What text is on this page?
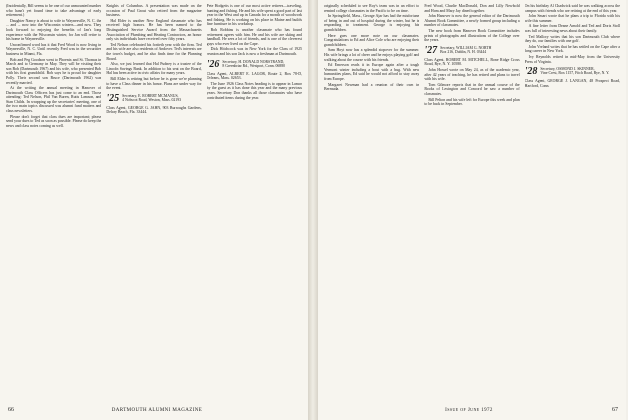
(Incidentally, Bill seems to be one of our unmounted number who hasn't yet found time to take advantage of early retirement.)

Daughter Nancy is about to wife to Waynesville, N. C. the ... and ... now into the Wisconsin winters—and now. They look forward to enjoying the benefits of Jan's long experience with the Wisconsin winter, for Jan will retire to his home in Waynesville.

Unconfirmed word has it that Fred Wood is now living in Waynesville, N. C. Until recently Fred was in the securities business in Miami, Fla.

Bob and Peg Goodson went to Phoenix and St. Thomas in March and to Germany in May. They will be visiting their son Bob (Dartmouth 1967) and his wife, who presented Bob with his first grandchild. Bob says he is proud for daughter Polly. Their second son Bruce (Dartmouth 1962) was recently married.

At the writing the annual meeting in Hanover of Dartmouth Class Officers has just come to an end. Those attending: Ted Nelson, Phil Van Buren, Rutts Lamson, and Stan Childs. In wrapping up the secretaries' meeting, one of the two main topics discussed was alumni fund matters and class newsletters.

Please don't forget that class dues are important; please send your dues to Ted as soon as possible. Please do keep the news and class notes coming as well.

Knights of Columbus. A presentation was made on the occasion of Paul Grout who retired from the magazine business.

Hal Elder is another New England classmate who has received high honors. He has been named to the Distinguished Service Award from the Massachusetts Association of Plumbing and Heating Contractors, an honor only six individuals have received over fifty years.

Ted Nelson celebrated his fortieth year with the firm. Ted and his wife are also residents of Andover. Ted's interests are the town's budget, and he also finds time for the Planning Board.

Also, we just learned that Hal Pudney is a trustee of the Lincoln Savings Bank. In addition to his seat on the Board, Hal has been active in civic affairs for many years.

Bill Elder is retiring but before he is gone we're planning to have a Class dinner in his honor. Plans are under way for the event.

'25 Secretary, E. ROBERT MCMANUS,
4 Nobscot Road, Weston, Mass. 02193

Class Agent, GEORGE G. JAHN, 903 Burroughs Gardens, Delray Beach, Fla. 33444.

Pete Hodgetts is one of our most active retirees—traveling, hunting and fishing. He and his wife spent a good part of last year in the West and up in Canada for a month of woodwork and fishing. He is working on his place in Maine and builds fine furniture in his workshop.

Bob Robbins is another classmate who has found retirement agrees with him. He and his wife are skiing and handball. He sees a lot of friends, and is one of the cleverest guys who ever lived on the Cape.

Dick Hitchcock was in New York for the Class of 1925 reunion and his son Jack is now a freshman at Dartmouth.

'26 Secretary, H. DONALD NORSTRAND,
8 Greenbriar Rd., Westport, Conn. 06880

Class Agent, ALBERT E. LAGOR, Route 2, Box 78-D, Orleans, Mass. 02653.

The June 1926 Class Notes heading is to appear in Lamor by the guest as it has done this year and the many previous years. Secretary Don thanks all those classmates who have contributed items during the year.

66	DARTMOUTH ALUMNI MAGAZINE

originally scheduled to see Roy's team was in an effort to remind college classmates in the Pacific to be on time.

In Springfield, Mass., George Ajar has had the misfortune of being in and out of hospital during the winter, but he is responding to treatment. George is enjoying his grandchildren.

Here goes one more note on our classmates. Congratulations to Ed and Alice Cole who are enjoying their grandchildren.

Sam Hoyt now has a splendid stopover for the summer. His wife brings a lot of cheer and he enjoys playing golf and walking about the course with his friends.

Ed Emerson reads it in Europe again after a tough Vermont winter including a bout with a bug. With new humanities plans, Ed said he would not afford to stay away from Europe.

Margaret Newman had a reunion of their own in Bermuda.

Fred Wood, Charlie MacDonald, Don and Lilly Newbold and Hom and Mary Jay dined together.

John Hanover is now the general editor of the Dartmouth Alumni Book Committee, a newly formed group including a number of classmates.

The new book from Hanover Book Committee includes prints of photographs and illustrations of the College over the years.

'27 Secretary, WILLIAM G. NORTH
Box 216, Dublin, N. H. 03444

Class Agent, ROBERT M. MITCHELL, Bone Ridge Cross Road, Rye, N. Y. 10580.

John Hossel wrote on May 24, as of the academic year, after 42 years of teaching, he has retired and plans to travel with his wife.

Tom Gilmore reports that in the annual course of the Books of Lexington and Concord he saw a number of classmates.

Bill Pelton and his wife left for Europe this week and plan to be back in September.

On his birthday Al Chadwick said he was walking across the campus with friends who are retiring at the end of this year.

John Smart wrote that he plans a trip to Florida with his wife this summer.

A fine letter from Deane Arnold and Ted and Doris Stoll was full of interesting news about their family.

Ted Mallory writes that his son Dartmouth Club where they do, our families with one golf.

John Vreland writes that he has settled on the Cape after a long career in New York.

Ivy Reynolds retired in mid-May from the University Press of Virginia.

'28 Secretary, OSMOND J. SKINNER,
Vine Crest, Box 1157, Fitch Road, Rye, N. Y.

Class Agent, GEORGE J. LANGAN, 48 Prospect Road, Hartford, Conn.

Issue of June 1972	67
